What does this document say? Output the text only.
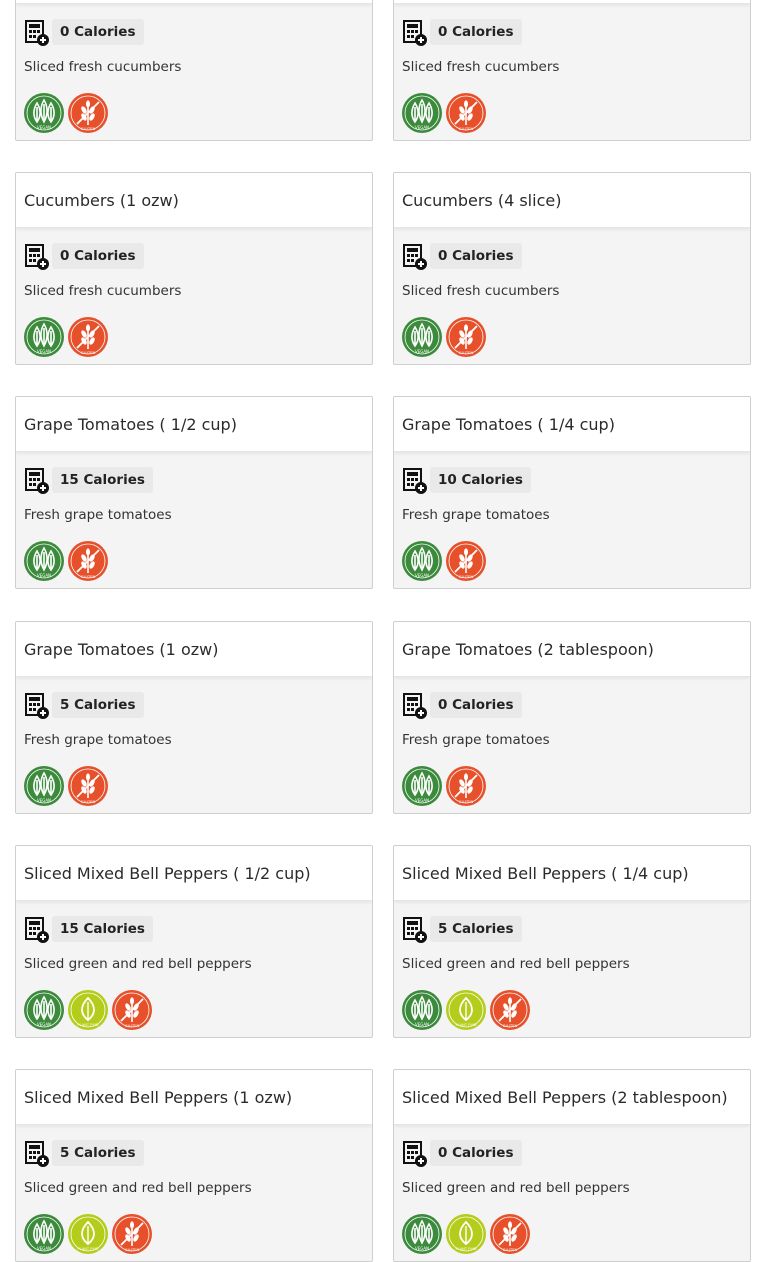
0 Calories
Sliced fresh cucumbers
VEGAN	GLUTEN
0 Calories
Sliced fresh cucumbers
VEGAN	GLUTEN
Cucumbers (1 ozw)
0 Calories
Sliced fresh cucumbers
VEGAN	GLUTEN
Cucumbers (4 slice)
0 Calories
Sliced fresh cucumbers
VEGAN	GLUTEN
Grape Tomatoes ( 1/2 cup)
15 Calories
Fresh grape tomatoes
VEGAN	GLUTEN
Grape Tomatoes ( 1/4 cup)
10 Calories
Fresh grape tomatoes
VEGAN	GLUTEN
Grape Tomatoes (1 ozw)
5 Calories
Fresh grape tomatoes
VEGAN	GLUTEN
Grape Tomatoes (2 tablespoon)
0 Calories
Fresh grape tomatoes
VEGAN	GLUTEN
Sliced Mixed Bell Peppers ( 1/2 cup)
15 Calories
Sliced green and red bell peppers
VEGAN	PLANT FWD	GLUTEN
Sliced Mixed Bell Peppers ( 1/4 cup)
5 Calories
Sliced green and red bell peppers
VEGAN	PLANT FWD	GLUTEN
Sliced Mixed Bell Peppers (1 ozw)
5 Calories
Sliced green and red bell peppers
VEGAN	PLANT FWD	GLUTEN
Sliced Mixed Bell Peppers (2 tablespoon)
0 Calories
Sliced green and red bell peppers
VEGAN	PLANT FWD	GLUTEN
